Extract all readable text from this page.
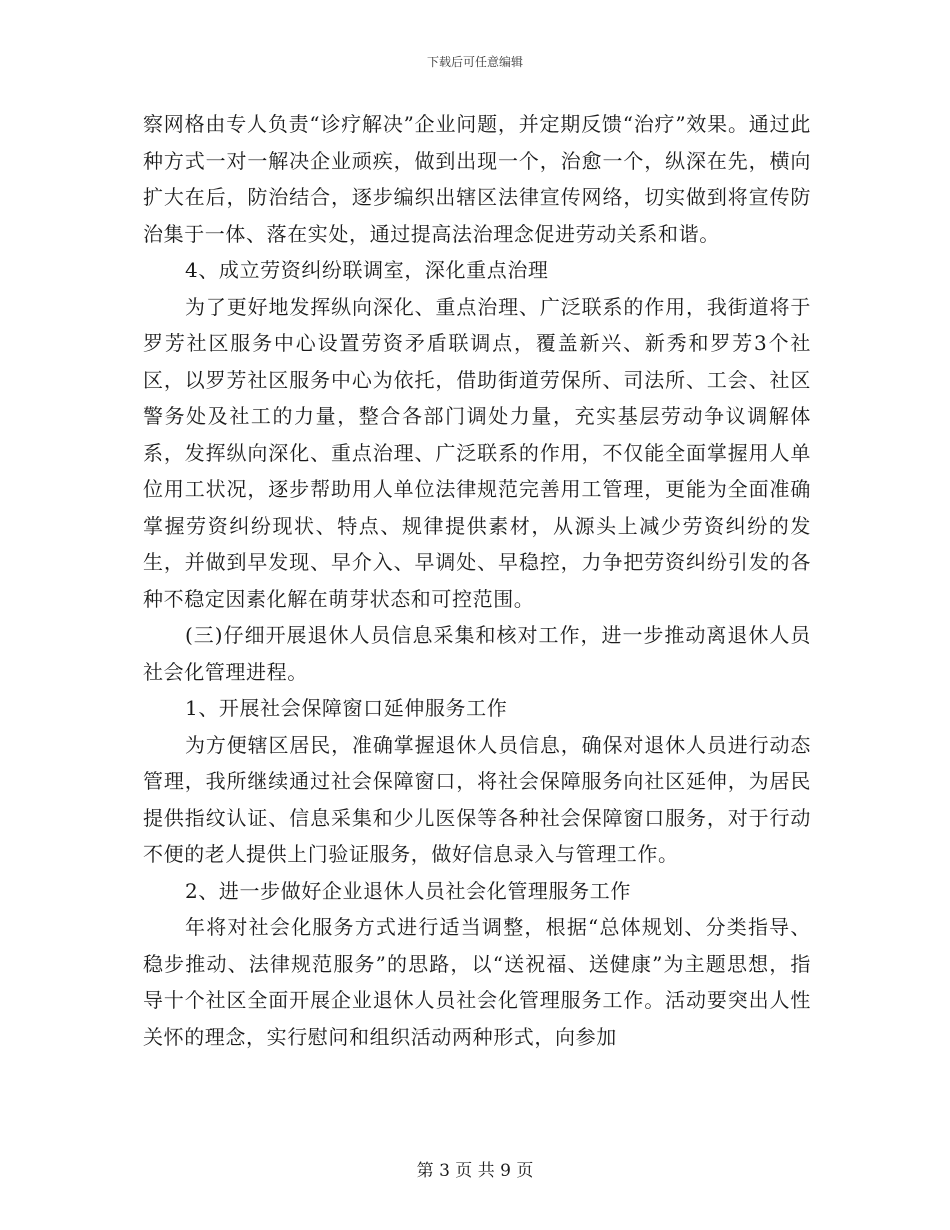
下载后可任意编辑

察网格由专人负责“诊疗解决”企业问题，并定期反馈“治疗”效果。通过此种方式一对一解决企业顽疾，做到出现一个，治愈一个，纵深在先，横向扩大在后，防治结合，逐步编织出辖区法律宣传网络，切实做到将宣传防治集于一体、落在实处，通过提高法治理念促进劳动关系和谐。

4、成立劳资纠纷联调室，深化重点治理

为了更好地发挥纵向深化、重点治理、广泛联系的作用，我街道将于罗芳社区服务中心设置劳资矛盾联调点，覆盖新兴、新秀和罗芳3个社区，以罗芳社区服务中心为依托，借助街道劳保所、司法所、工会、社区警务处及社工的力量，整合各部门调处力量，充实基层劳动争议调解体系，发挥纵向深化、重点治理、广泛联系的作用，不仅能全面掌握用人单位用工状况，逐步帮助用人单位法律规范完善用工管理，更能为全面准确掌握劳资纠纷现状、特点、规律提供素材，从源头上减少劳资纠纷的发生，并做到早发现、早介入、早调处、早稳控，力争把劳资纠纷引发的各种不稳定因素化解在萌芽状态和可控范围。

(三)仔细开展退休人员信息采集和核对工作，进一步推动离退休人员社会化管理进程。

1、开展社会保障窗口延伸服务工作

为方便辖区居民，准确掌握退休人员信息，确保对退休人员进行动态管理，我所继续通过社会保障窗口，将社会保障服务向社区延伸，为居民提供指纹认证、信息采集和少儿医保等各种社会保障窗口服务，对于行动不便的老人提供上门验证服务，做好信息录入与管理工作。

2、进一步做好企业退休人员社会化管理服务工作

年将对社会化服务方式进行适当调整，根据“总体规划、分类指导、稳步推动、法律规范服务”的思路，以“送祝福、送健康”为主题思想，指导十个社区全面开展企业退休人员社会化管理服务工作。活动要突出人性关怀的理念，实行慰问和组织活动两种形式，向参加

第 3 页 共 9 页
